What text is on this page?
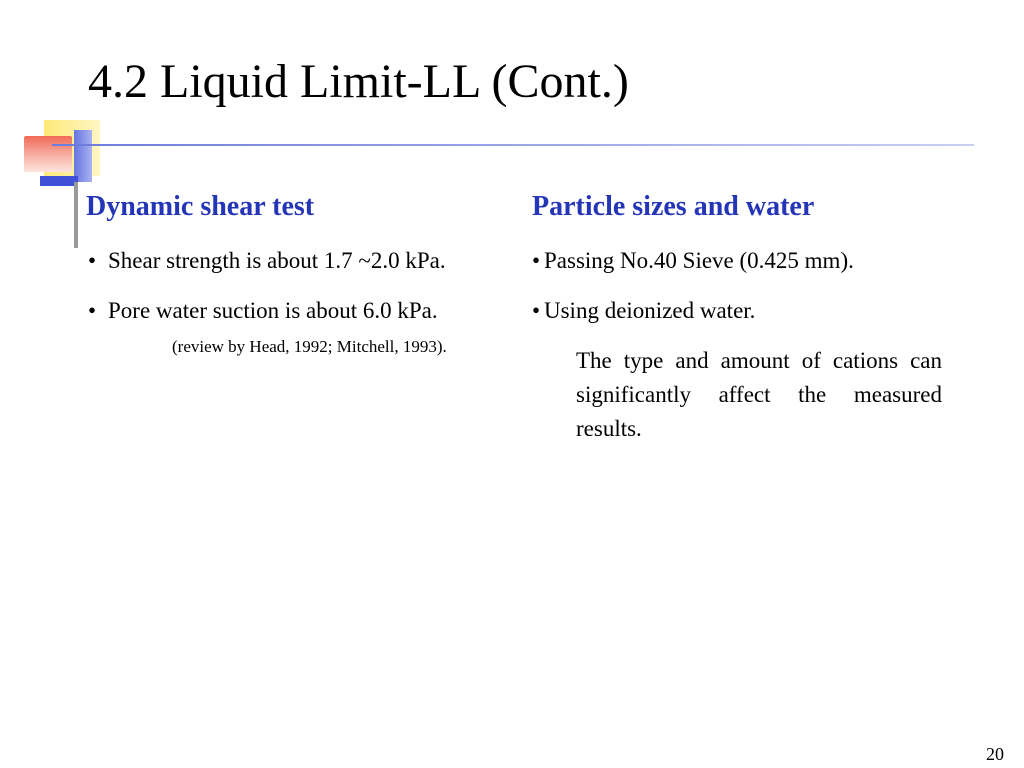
4.2 Liquid Limit-LL (Cont.)
Dynamic shear test
• Shear strength is about 1.7 ~2.0 kPa.
• Pore water suction is about 6.0 kPa.
(review by Head, 1992; Mitchell, 1993).
Particle sizes and water
• Passing No.40 Sieve (0.425 mm).
• Using deionized water.
The type and amount of cations can significantly affect the measured results.
20
